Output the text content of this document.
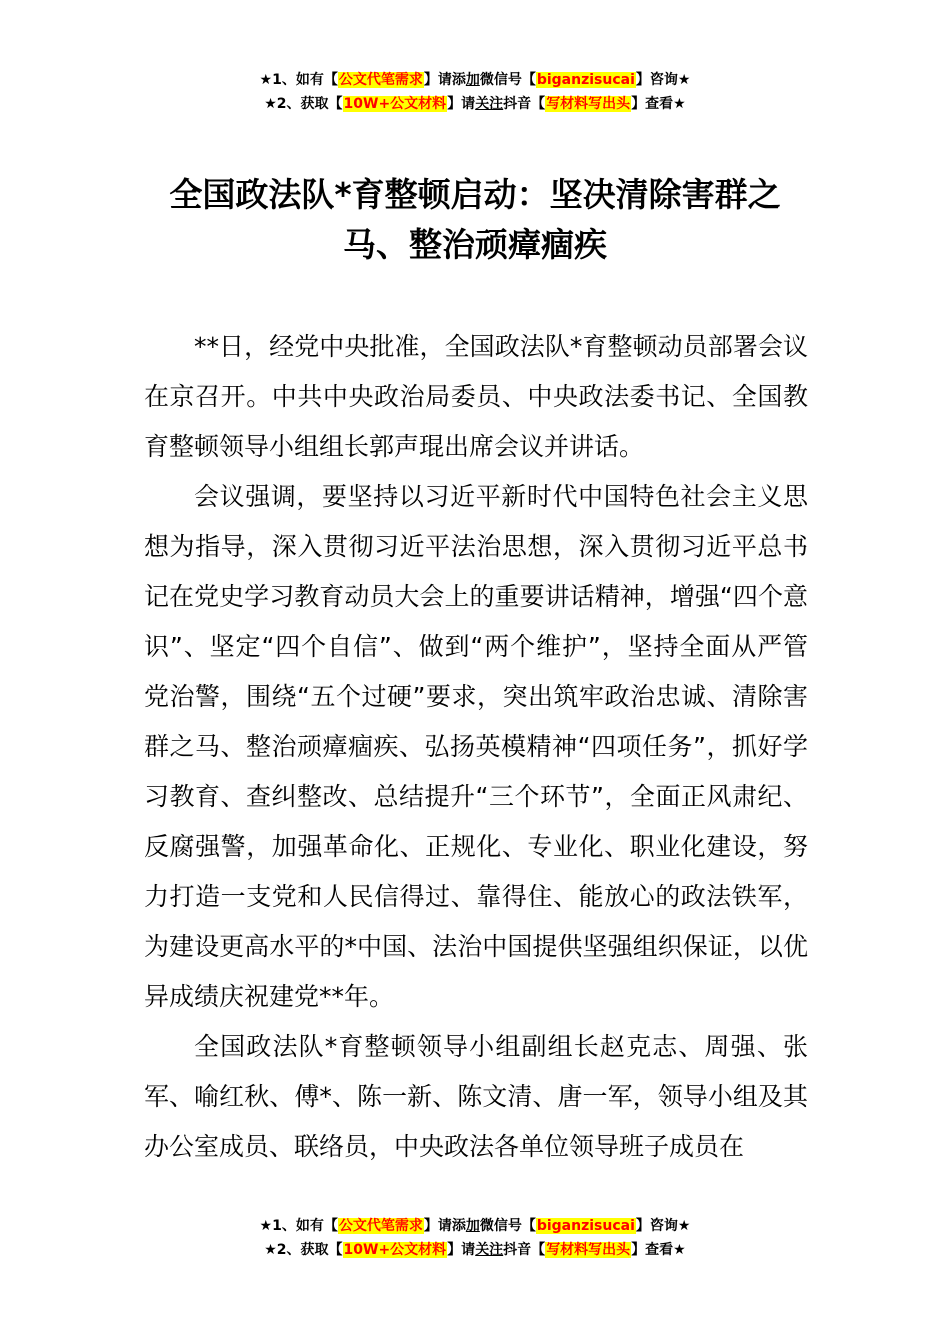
★1、如有【公文代笔需求】请添加微信号【biganzisucai】咨询★
★2、获取【10W+公文材料】请关注抖音【写材料写出头】查看★
全国政法队*育整顿启动：坚决清除害群之马、整治顽瘴痼疾

**日，经党中央批准，全国政法队*育整顿动员部署会议在京召开。中共中央政治局委员、中央政法委书记、全国教育整顿领导小组组长郭声琨出席会议并讲话。

会议强调，要坚持以习近平新时代中国特色社会主义思想为指导，深入贯彻习近平法治思想，深入贯彻习近平总书记在党史学习教育动员大会上的重要讲话精神，增强“四个意识”、坚定“四个自信”、做到“两个维护”，坚持全面从严管党治警，围绕“五个过硬”要求，突出筑牢政治忠诚、清除害群之马、整治顽瘴痼疾、弘扬英模精神“四项任务”，抓好学习教育、查纠整改、总结提升“三个环节”，全面正风肃纪、反腐强警，加强革命化、正规化、专业化、职业化建设，努力打造一支党和人民信得过、靠得住、能放心的政法铁军，为建设更高水平的*中国、法治中国提供坚强组织保证，以优异成绩庆祝建党**年。

全国政法队*育整顿领导小组副组长赵克志、周强、张军、喻红秋、傅*、陈一新、陈文清、唐一军，领导小组及其办公室成员、联络员，中央政法各单位领导班子成员在

★1、如有【公文代笔需求】请添加微信号【biganzisucai】咨询★
★2、获取【10W+公文材料】请关注抖音【写材料写出头】查看★
